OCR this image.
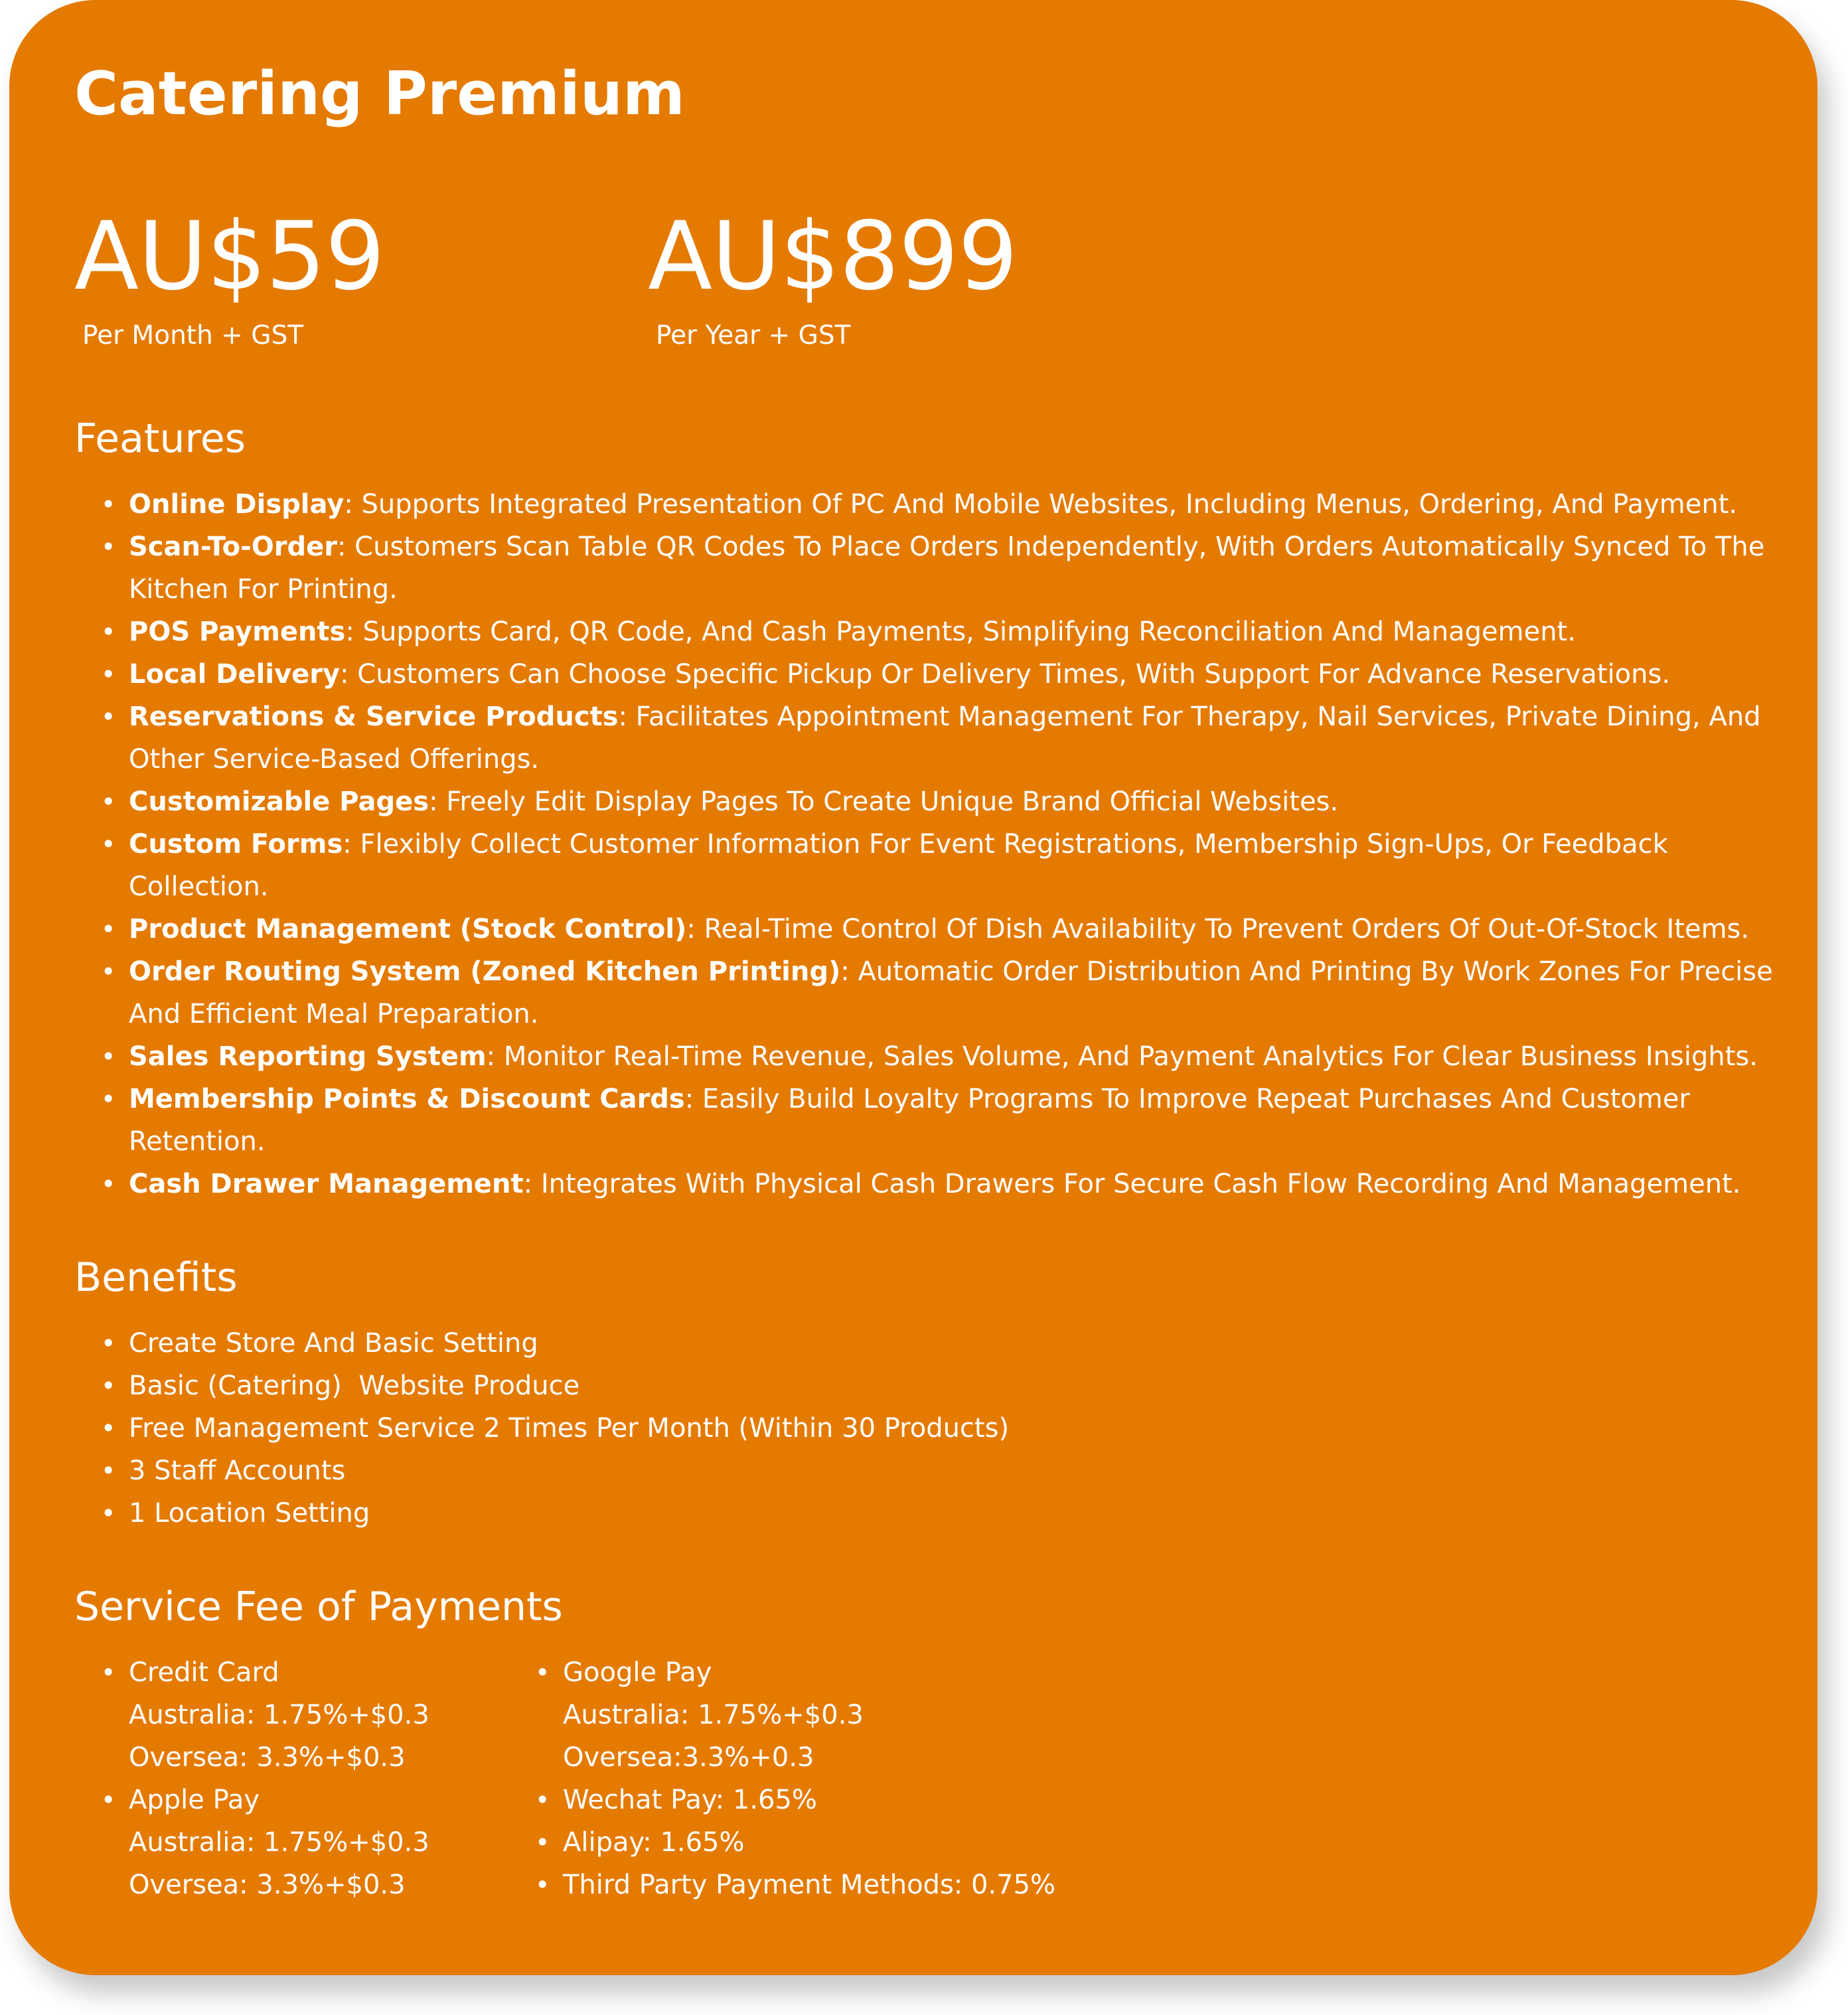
Catering Premium
AU$59
Per Month + GST
AU$899
Per Year + GST
Features
• Online Display: Supports Integrated Presentation Of PC And Mobile Websites, Including Menus, Ordering, And Payment.
• Scan-To-Order: Customers Scan Table QR Codes To Place Orders Independently, With Orders Automatically Synced To The Kitchen For Printing.
• POS Payments: Supports Card, QR Code, And Cash Payments, Simplifying Reconciliation And Management.
• Local Delivery: Customers Can Choose Specific Pickup Or Delivery Times, With Support For Advance Reservations.
• Reservations & Service Products: Facilitates Appointment Management For Therapy, Nail Services, Private Dining, And Other Service-Based Offerings.
• Customizable Pages: Freely Edit Display Pages To Create Unique Brand Official Websites.
• Custom Forms: Flexibly Collect Customer Information For Event Registrations, Membership Sign-Ups, Or Feedback Collection.
• Product Management (Stock Control): Real-Time Control Of Dish Availability To Prevent Orders Of Out-Of-Stock Items.
• Order Routing System (Zoned Kitchen Printing): Automatic Order Distribution And Printing By Work Zones For Precise And Efficient Meal Preparation.
• Sales Reporting System: Monitor Real-Time Revenue, Sales Volume, And Payment Analytics For Clear Business Insights.
• Membership Points & Discount Cards: Easily Build Loyalty Programs To Improve Repeat Purchases And Customer Retention.
• Cash Drawer Management: Integrates With Physical Cash Drawers For Secure Cash Flow Recording And Management.
Benefits
• Create Store And Basic Setting
• Basic (Catering)  Website Produce
• Free Management Service 2 Times Per Month (Within 30 Products)
• 3 Staff Accounts
• 1 Location Setting
Service Fee of Payments
• Credit Card
Australia: 1.75%+$0.3
Oversea: 3.3%+$0.3
• Apple Pay
Australia: 1.75%+$0.3
Oversea: 3.3%+$0.3
• Google Pay
Australia: 1.75%+$0.3
Oversea:3.3%+0.3
• Wechat Pay: 1.65%
• Alipay: 1.65%
• Third Party Payment Methods: 0.75%
